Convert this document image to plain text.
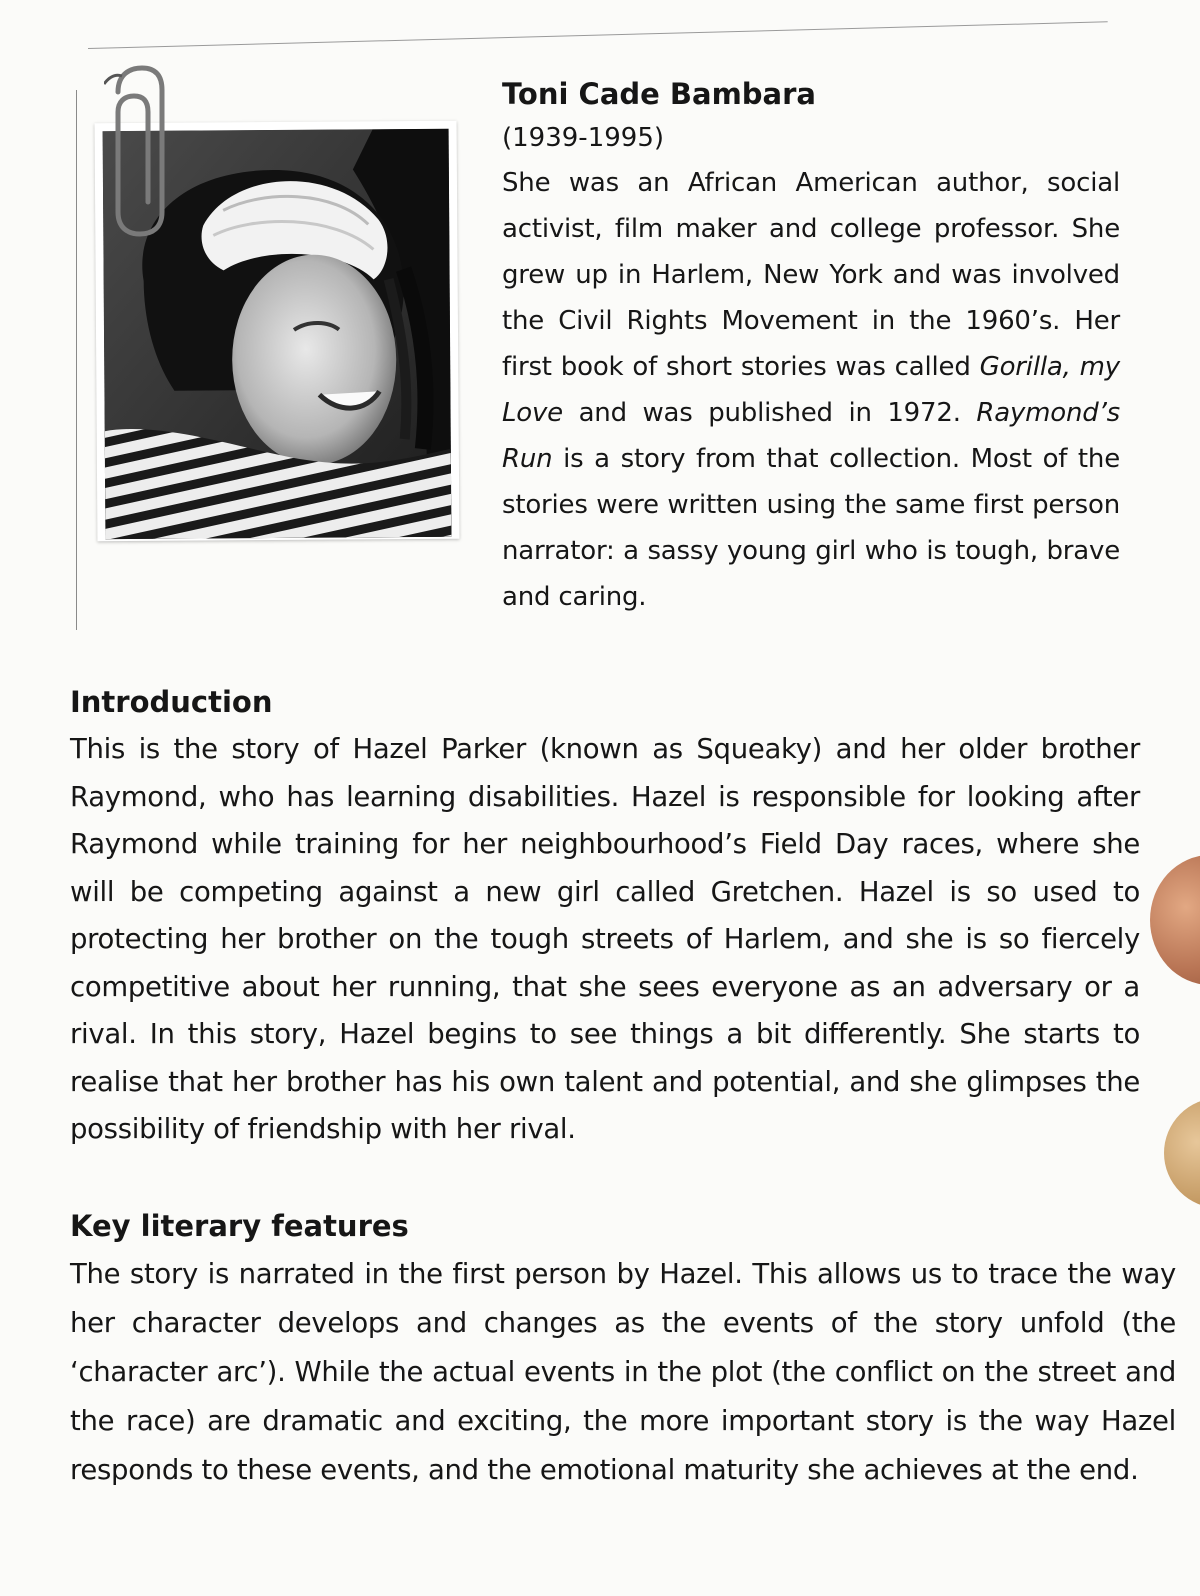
Toni Cade Bambara

(1939-1995)

She was an African American author, social activist, film maker and college professor. She grew up in Harlem, New York and was involved the Civil Rights Movement in the 1960’s. Her first book of short stories was called Gorilla, my Love and was published in 1972. Raymond’s Run is a story from that collection. Most of the stories were written using the same first person narrator: a sassy young girl who is tough, brave and caring.

Introduction

This is the story of Hazel Parker (known as Squeaky) and her older brother Raymond, who has learning disabilities. Hazel is responsible for looking after Raymond while training for her neighbourhood’s Field Day races, where she will be competing against a new girl called Gretchen. Hazel is so used to protecting her brother on the tough streets of Harlem, and she is so fiercely competitive about her running, that she sees everyone as an adversary or a rival. In this story, Hazel begins to see things a bit differently. She starts to realise that her brother has his own talent and potential, and she glimpses the possibility of friendship with her rival.

Key literary features

The story is narrated in the first person by Hazel. This allows us to trace the way her character develops and changes as the events of the story unfold (the ‘character arc’). While the actual events in the plot (the conflict on the street and the race) are dramatic and exciting, the more important story is the way Hazel responds to these events, and the emotional maturity she achieves at the end.
